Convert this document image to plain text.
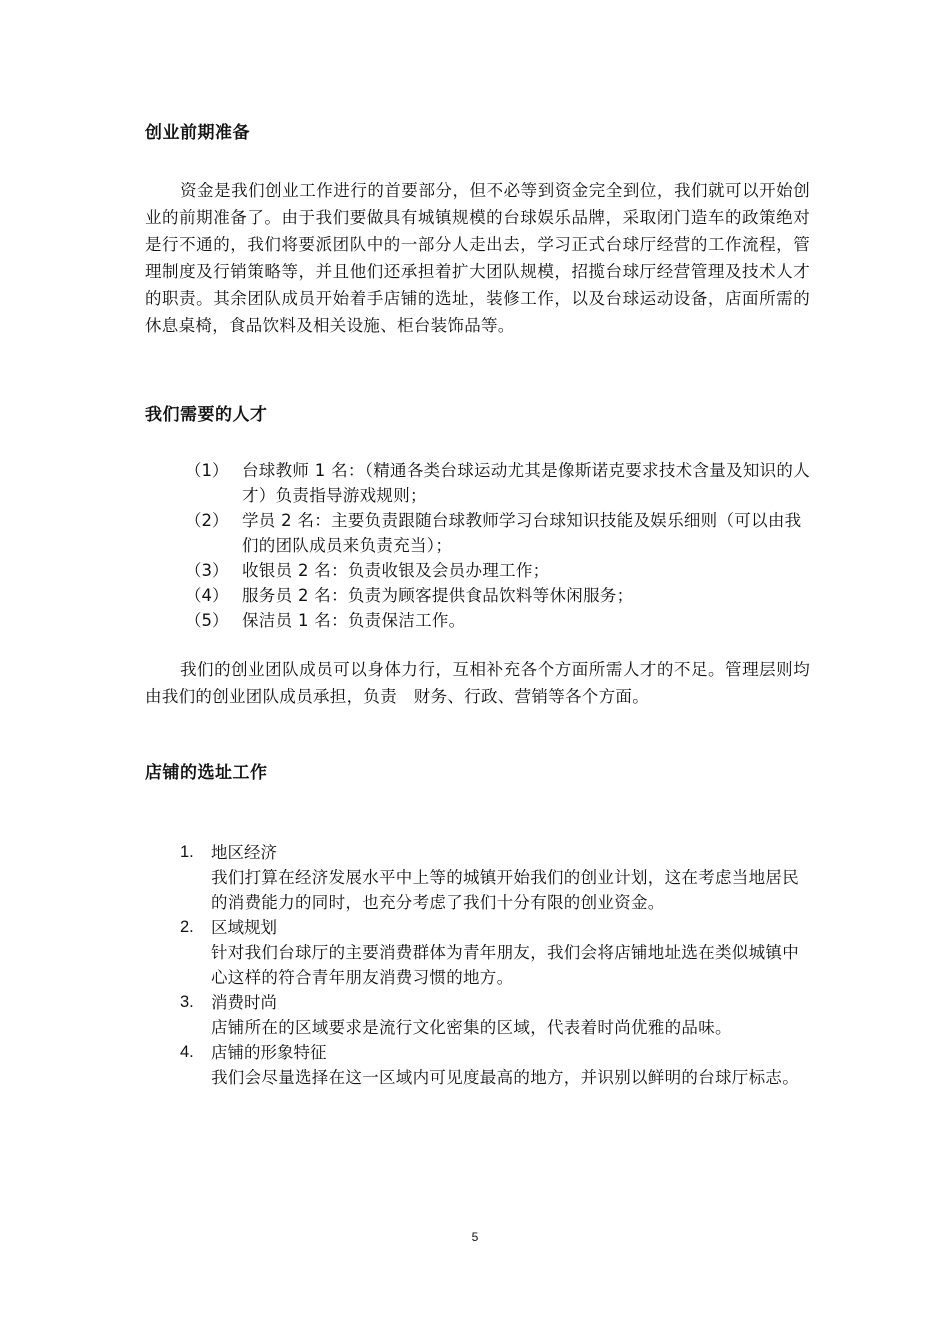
创业前期准备

资金是我们创业工作进行的首要部分，但不必等到资金完全到位，我们就可以开始创业的前期准备了。由于我们要做具有城镇规模的台球娱乐品牌，采取闭门造车的政策绝对是行不通的，我们将要派团队中的一部分人走出去，学习正式台球厅经营的工作流程，管理制度及行销策略等，并且他们还承担着扩大团队规模，招揽台球厅经营管理及技术人才的职责。其余团队成员开始着手店铺的选址，装修工作，以及台球运动设备，店面所需的休息桌椅，食品饮料及相关设施、柜台装饰品等。

我们需要的人才
（1） 台球教师 1 名：（精通各类台球运动尤其是像斯诺克要求技术含量及知识的人才）负责指导游戏规则；
（2） 学员 2 名：主要负责跟随台球教师学习台球知识技能及娱乐细则（可以由我们的团队成员来负责充当）；
（3） 收银员 2 名：负责收银及会员办理工作；
（4） 服务员 2 名：负责为顾客提供食品饮料等休闲服务；
（5） 保洁员 1 名：负责保洁工作。

我们的创业团队成员可以身体力行，互相补充各个方面所需人才的不足。管理层则均由我们的创业团队成员承担，负责　财务、行政、营销等各个方面。

店铺的选址工作
1.	地区经济
我们打算在经济发展水平中上等的城镇开始我们的创业计划，这在考虑当地居民的消费能力的同时，也充分考虑了我们十分有限的创业资金。
2.	区域规划
针对我们台球厅的主要消费群体为青年朋友，我们会将店铺地址选在类似城镇中心这样的符合青年朋友消费习惯的地方。
3.	消费时尚
店铺所在的区域要求是流行文化密集的区域，代表着时尚优雅的品味。
4.	店铺的形象特征
我们会尽量选择在这一区域内可见度最高的地方，并识别以鲜明的台球厅标志。
5
